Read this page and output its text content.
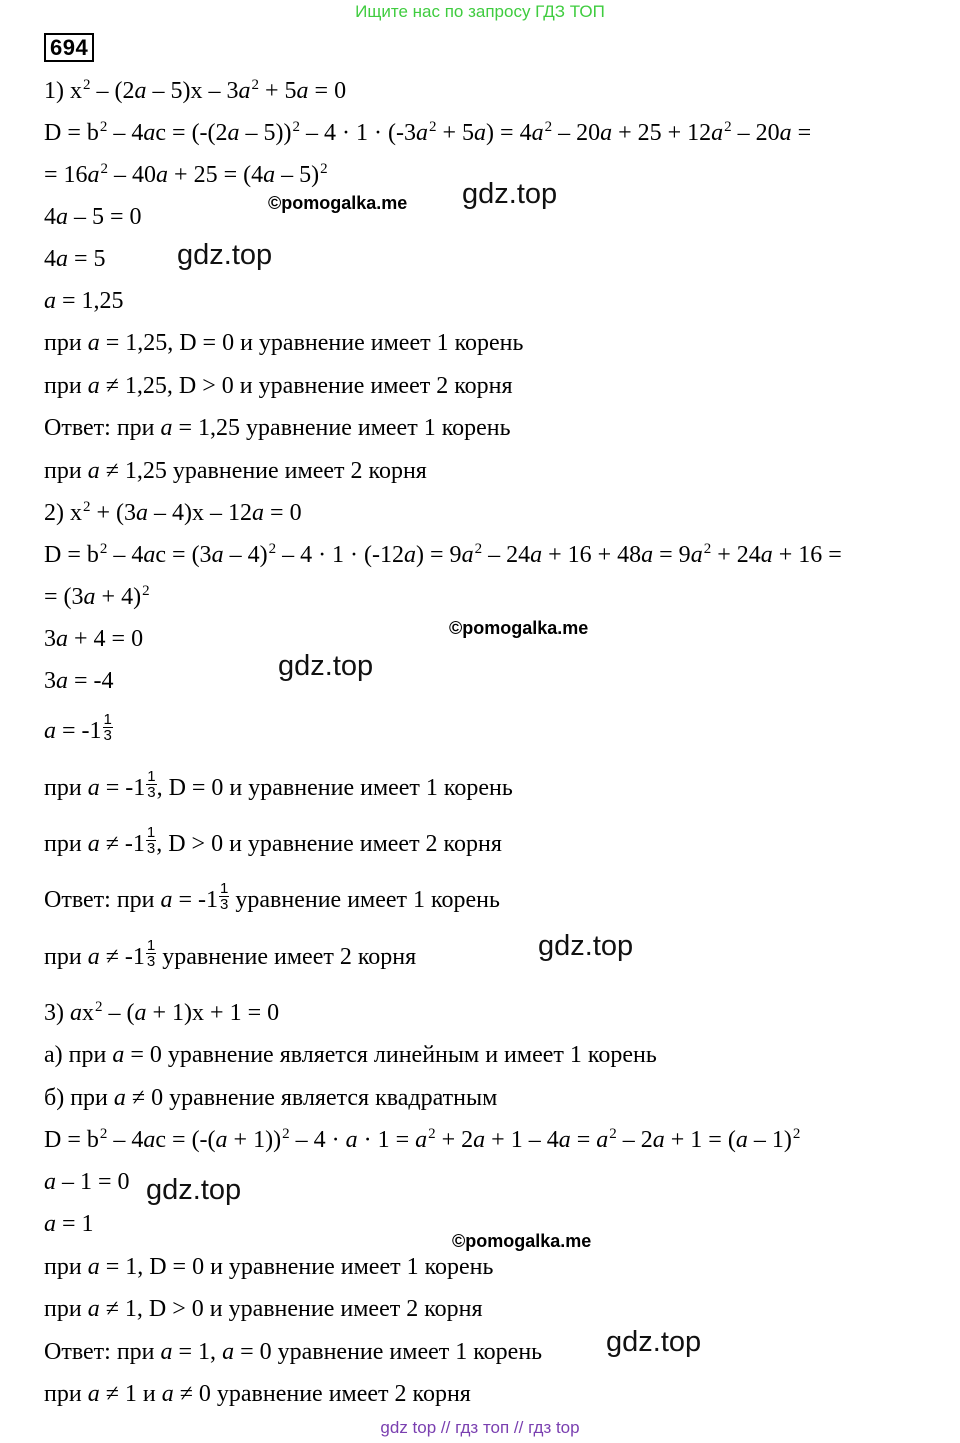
Ищите нас по запросу ГДЗ ТОП
694
1) $x^2 - (2a - 5)x - 3a^2 + 5a = 0$
$D = b^2 - 4ac = (-(2a - 5))^2 - 4 \cdot 1 \cdot (-3a^2 + 5a) = 4a^2 - 20a + 25 + 12a^2 - 20a$ =
= $16a^2 - 40a + 25 = (4a - 5)^2$
4a – 5 = 0
4a = 5
a = 1,25
при a = 1,25, D = 0 и уравнение имеет 1 корень
при a ≠ 1,25, D > 0 и уравнение имеет 2 корня
Ответ: при a = 1,25 уравнение имеет 1 корень
при a ≠ 1,25 уравнение имеет 2 корня
2) $x^2 + (3a - 4)x - 12a = 0$
$D = b^2 - 4ac = (3a - 4)^2 - 4 \cdot 1 \cdot (-12a) = 9a^2 - 24a + 16 + 48a = 9a^2 + 24a + 16$ =
= $(3a + 4)^2$
3a + 4 = 0
3a = -4
$a = -1 \frac{1}{3}$
при $a = -1 \frac{1}{3}$ , D = 0 и уравнение имеет 1 корень
при $a \ne -1 \frac{1}{3}$ , D > 0 и уравнение имеет 2 корня
Ответ: при $a = -1 \frac{1}{3}$ уравнение имеет 1 корень
при $a \ne -1 \frac{1}{3}$ уравнение имеет 2 корня
3) $ax^2 - (a + 1)x + 1 = 0$
а) при a = 0 уравнение является линейным и имеет 1 корень
б) при a ≠ 0 уравнение является квадратным
$D = b^2 - 4ac = (-(a + 1))^2 - 4 \cdot a \cdot 1 = a^2 + 2a + 1 - 4a = a^2 - 2a + 1 = (a - 1)^2$
a – 1 = 0
a = 1
при a = 1, D = 0 и уравнение имеет 1 корень
при a ≠ 1, D > 0 и уравнение имеет 2 корня
Ответ: при a = 1, a = 0 уравнение имеет 1 корень
при a ≠ 1 и a ≠ 0 уравнение имеет 2 корня
©pomogalka.me gdz.top
gdz.top
©pomogalka.me
gdz.top
gdz.top
gdz.top
©pomogalka.me
gdz.top
gdz top // гдз топ // гдз top
